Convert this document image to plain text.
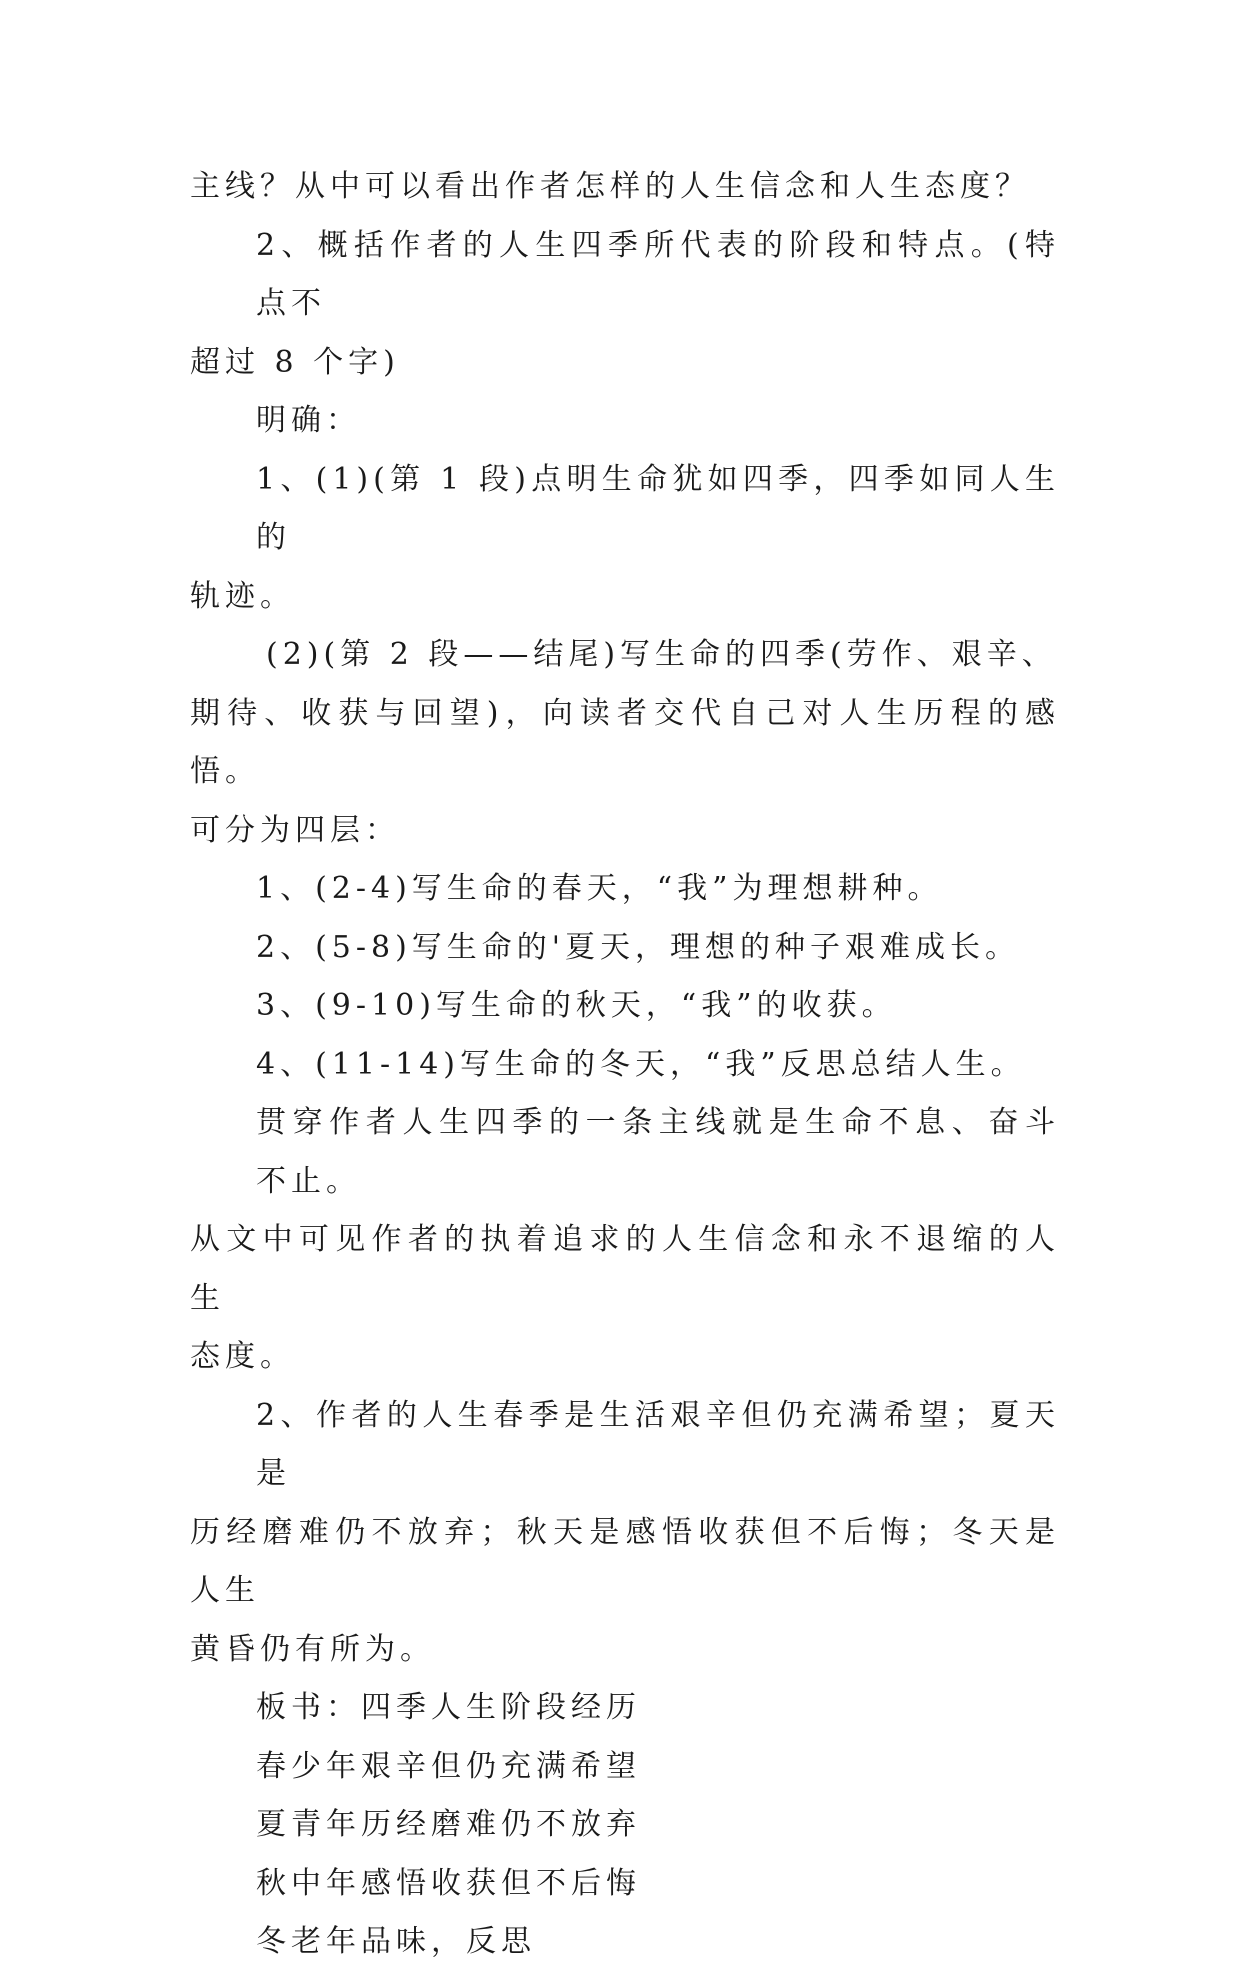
主线？从中可以看出作者怎样的人生信念和人生态度？

2、概括作者的人生四季所代表的阶段和特点。(特点不
超过 8 个字)

明确：

1、(1)(第 1 段)点明生命犹如四季，四季如同人生的
轨迹。

(2)(第 2 段——结尾)写生命的四季(劳作、艰辛、
期待、收获与回望)，向读者交代自己对人生历程的感悟。
可分为四层：

1、(2-4)写生命的春天，“我”为理想耕种。

2、(5-8)写生命的'夏天，理想的种子艰难成长。

3、(9-10)写生命的秋天，“我”的收获。

4、(11-14)写生命的冬天，“我”反思总结人生。

贯穿作者人生四季的一条主线就是生命不息、奋斗不止。
从文中可见作者的执着追求的人生信念和永不退缩的人生
态度。

2、作者的人生春季是生活艰辛但仍充满希望；夏天是
历经磨难仍不放弃；秋天是感悟收获但不后悔；冬天是人生
黄昏仍有所为。

板书：四季人生阶段经历

春少年艰辛但仍充满希望

夏青年历经磨难仍不放弃

秋中年感悟收获但不后悔

冬老年品味，反思
